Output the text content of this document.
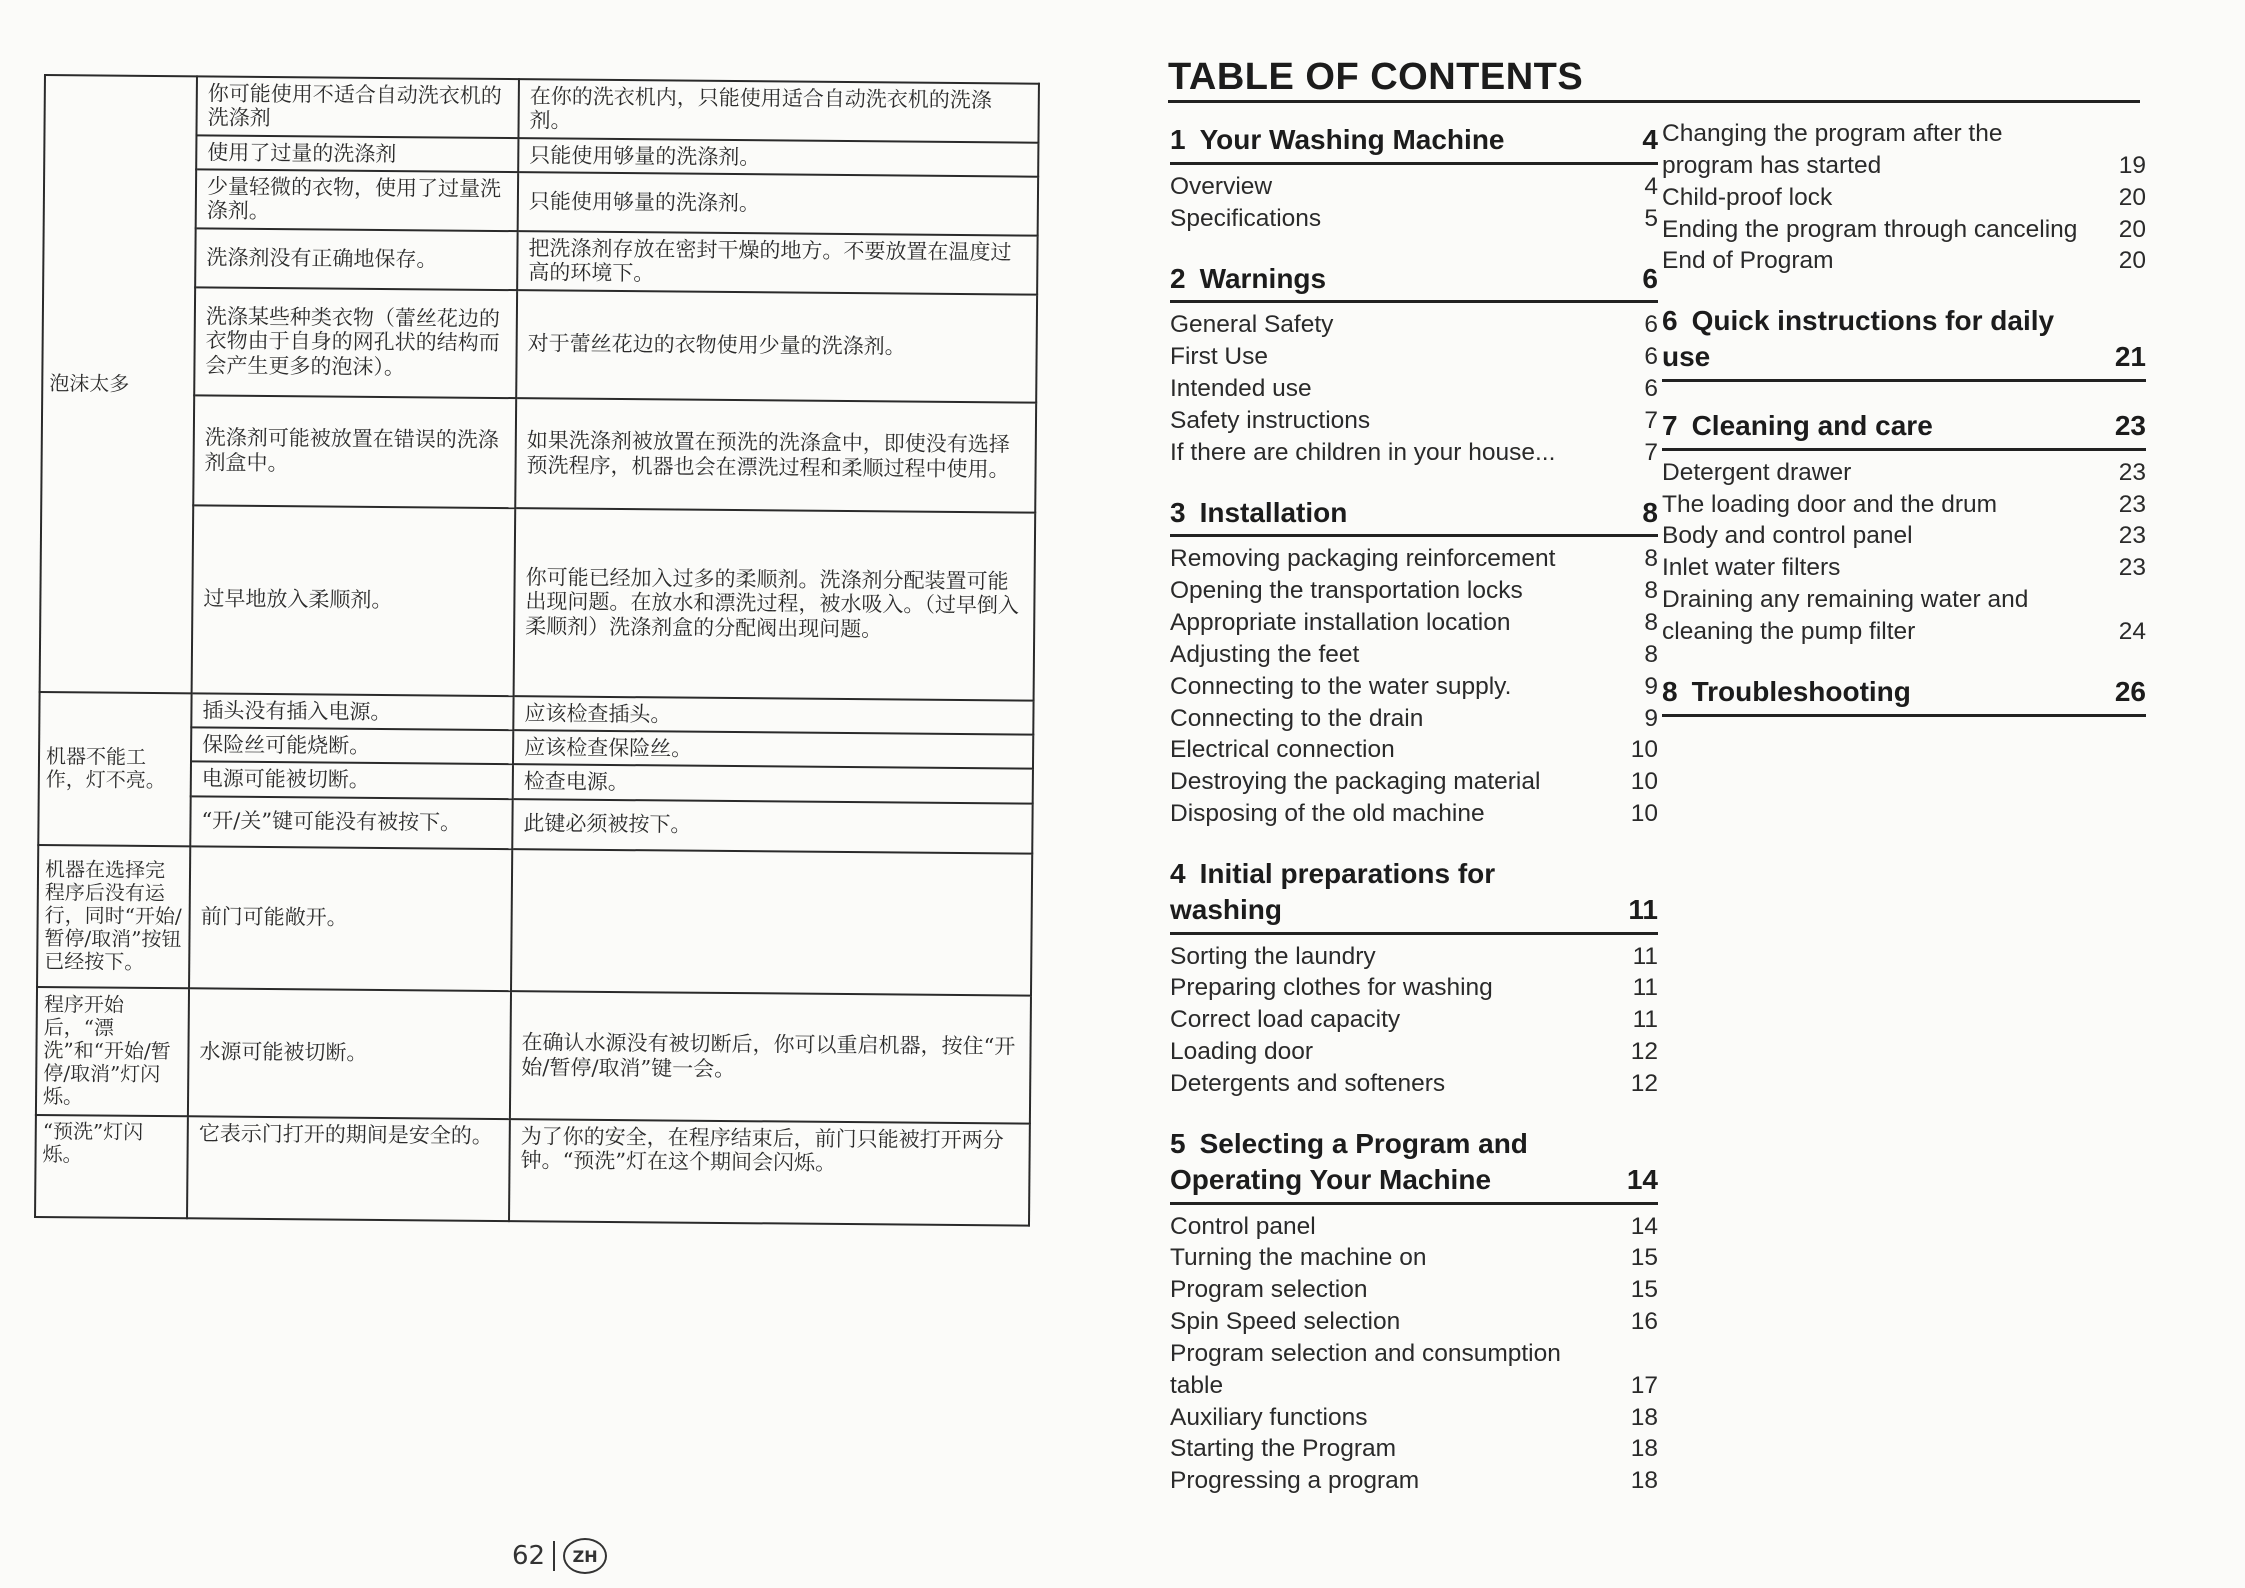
泡沫太多	你可能使用不适合自动洗衣机的洗涤剂	在你的洗衣机内，只能使用适合自动洗衣机的洗涤剂。
	使用了过量的洗涤剂	只能使用够量的洗涤剂。
	少量轻微的衣物，使用了过量洗涤剂。	只能使用够量的洗涤剂。
	洗涤剂没有正确地保存。	把洗涤剂存放在密封干燥的地方。不要放置在温度过高的环境下。
	洗涤某些种类衣物（蕾丝花边的衣物由于自身的网孔状的结构而会产生更多的泡沫）。	对于蕾丝花边的衣物使用少量的洗涤剂。
	洗涤剂可能被放置在错误的洗涤剂盒中。	如果洗涤剂被放置在预洗的洗涤盒中，即使没有选择预洗程序，机器也会在漂洗过程和柔顺过程中使用。
	过早地放入柔顺剂。	你可能已经加入过多的柔顺剂。洗涤剂分配装置可能出现问题。在放水和漂洗过程，被水吸入。（过早倒入柔顺剂）洗涤剂盒的分配阀出现问题。
机器不能工作，灯不亮。	插头没有插入电源。	应该检查插头。
	保险丝可能烧断。	应该检查保险丝。
	电源可能被切断。	检查电源。
	“开/关”键可能没有被按下。	此键必须被按下。
机器在选择完程序后没有运行，同时“开始/暂停/取消”按钮已经按下。	前门可能敞开。	
程序开始后，“漂洗”和“开始/暂停/取消”灯闪烁。	水源可能被切断。	在确认水源没有被切断后，你可以重启机器，按住“开始/暂停/取消”键一会。
“预洗”灯闪烁。	它表示门打开的期间是安全的。	为了你的安全，在程序结束后，前门只能被打开两分钟。“预洗”灯在这个期间会闪烁。
62	ZH
TABLE OF CONTENTS
1  Your Washing Machine	4
Overview	4
Specifications	5
2  Warnings	6
General Safety	6
First Use	6
Intended use	6
Safety instructions	7
If there are children in your house...	7
3  Installation	8
Removing packaging reinforcement	8
Opening the transportation locks	8
Appropriate installation location	8
Adjusting the feet	8
Connecting to the water supply.	9
Connecting to the drain	9
Electrical connection	10
Destroying the packaging material	10
Disposing of the old machine	10
4  Initial preparations for washing	11
Sorting the laundry	11
Preparing clothes for washing	11
Correct load capacity	11
Loading door	12
Detergents and softeners	12
5  Selecting a Program and Operating Your Machine	14
Control panel	14
Turning the machine on	15
Program selection	15
Spin Speed selection	16
Program selection and consumption table	17
Auxiliary functions	18
Starting the Program	18
Progressing a program	18
Changing the program after the program has started	19
Child-proof lock	20
Ending the program through canceling	20
End of Program	20
6  Quick instructions for daily use	21
7  Cleaning and care	23
Detergent drawer	23
The loading door and the drum	23
Body and control panel	23
Inlet water filters	23
Draining any remaining water and cleaning the pump filter	24
8  Troubleshooting	26
